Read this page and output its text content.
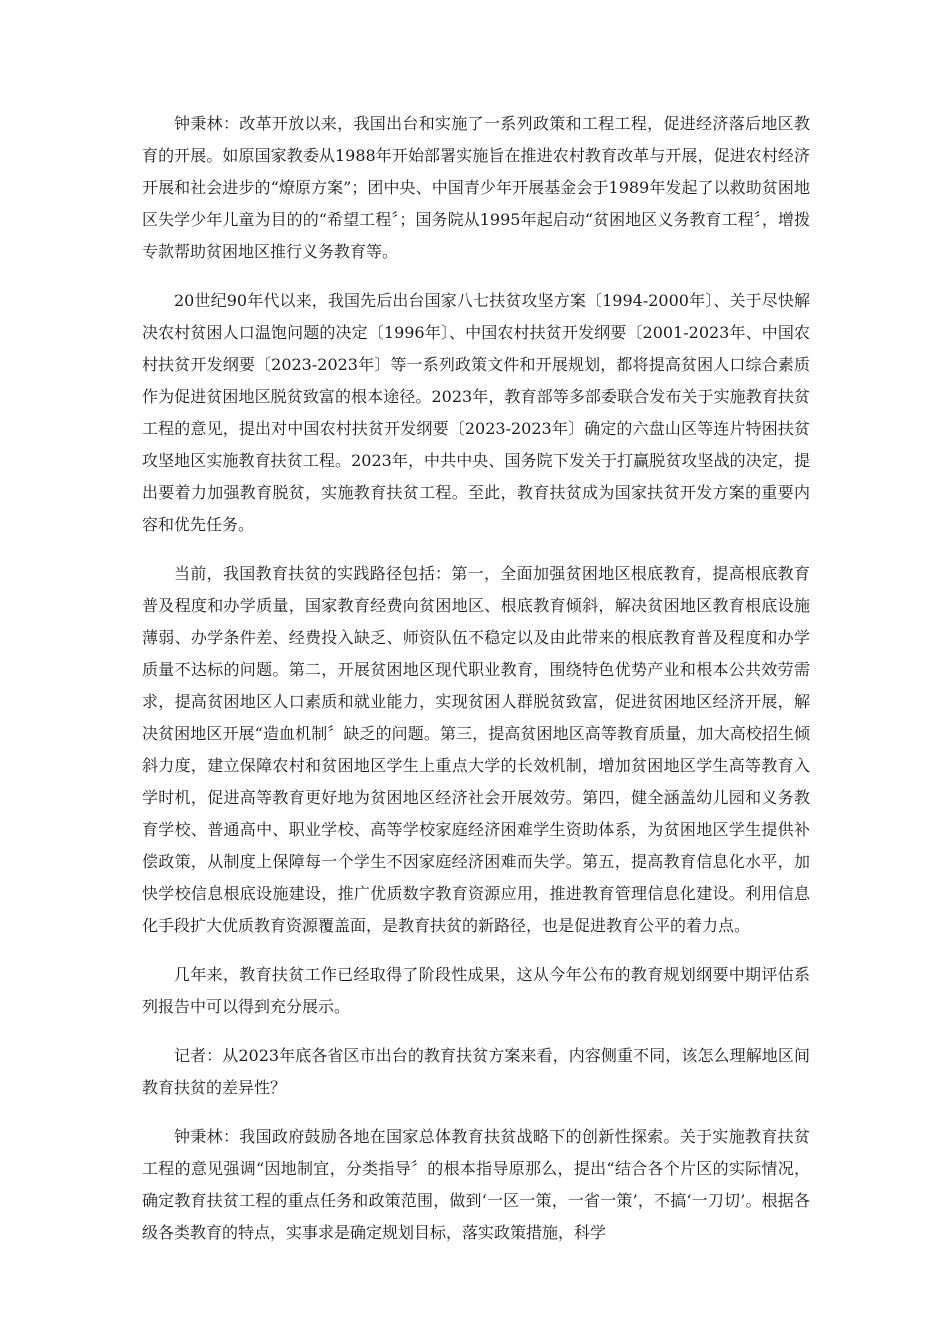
钟秉林：改革开放以来，我国出台和实施了一系列政策和工程工程，促进经济落后地区教育的开展。如原国家教委从1988年开始部署实施旨在推进农村教育改革与开展，促进农村经济开展和社会进步的“燎原方案”；团中央、中国青少年开展基金会于1989年发起了以救助贫困地区失学少年儿童为目的的“希望工程〞；国务院从1995年起启动“贫困地区义务教育工程〞，增拨专款帮助贫困地区推行义务教育等。

20世纪90年代以来，我国先后出台国家八七扶贫攻坚方案〔1994-2000年〕、关于尽快解决农村贫困人口温饱问题的决定〔1996年〕、中国农村扶贫开发纲要〔2001-2023年、中国农村扶贫开发纲要〔2023-2023年〕等一系列政策文件和开展规划，都将提高贫困人口综合素质作为促进贫困地区脱贫致富的根本途径。2023年，教育部等多部委联合发布关于实施教育扶贫工程的意见，提出对中国农村扶贫开发纲要〔2023-2023年〕确定的六盘山区等连片特困扶贫攻坚地区实施教育扶贫工程。2023年，中共中央、国务院下发关于打赢脱贫攻坚战的决定，提出要着力加强教育脱贫，实施教育扶贫工程。至此，教育扶贫成为国家扶贫开发方案的重要内容和优先任务。

当前，我国教育扶贫的实践路径包括：第一，全面加强贫困地区根底教育，提高根底教育普及程度和办学质量，国家教育经费向贫困地区、根底教育倾斜，解决贫困地区教育根底设施薄弱、办学条件差、经费投入缺乏、师资队伍不稳定以及由此带来的根底教育普及程度和办学质量不达标的问题。第二，开展贫困地区现代职业教育，围绕特色优势产业和根本公共效劳需求，提高贫困地区人口素质和就业能力，实现贫困人群脱贫致富，促进贫困地区经济开展，解决贫困地区开展“造血机制〞缺乏的问题。第三，提高贫困地区高等教育质量，加大高校招生倾斜力度，建立保障农村和贫困地区学生上重点大学的长效机制，增加贫困地区学生高等教育入学时机，促进高等教育更好地为贫困地区经济社会开展效劳。第四，健全涵盖幼儿园和义务教育学校、普通高中、职业学校、高等学校家庭经济困难学生资助体系，为贫困地区学生提供补偿政策，从制度上保障每一个学生不因家庭经济困难而失学。第五，提高教育信息化水平，加快学校信息根底设施建设，推广优质数字教育资源应用，推进教育管理信息化建设。利用信息化手段扩大优质教育资源覆盖面，是教育扶贫的新路径，也是促进教育公平的着力点。

几年来，教育扶贫工作已经取得了阶段性成果，这从今年公布的教育规划纲要中期评估系列报告中可以得到充分展示。

记者：从2023年底各省区市出台的教育扶贫方案来看，内容侧重不同，该怎么理解地区间教育扶贫的差异性？

钟秉林：我国政府鼓励各地在国家总体教育扶贫战略下的创新性探索。关于实施教育扶贫工程的意见强调“因地制宜，分类指导〞的根本指导原那么，提出“结合各个片区的实际情况，确定教育扶贫工程的重点任务和政策范围，做到‘一区一策，一省一策’，不搞‘一刀切’。根据各级各类教育的特点，实事求是确定规划目标，落实政策措施，科学
